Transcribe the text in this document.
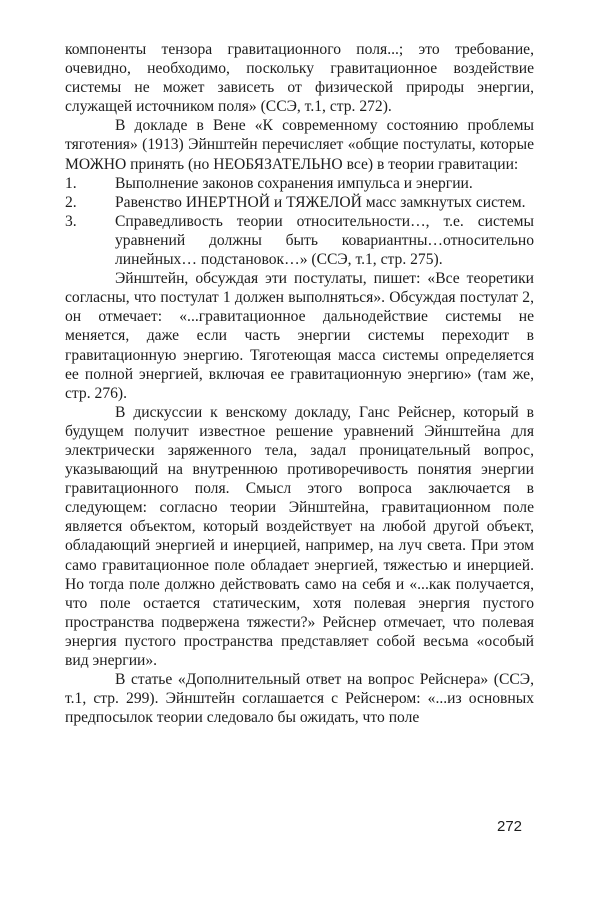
компоненты тензора гравитационного поля...; это требование, очевидно, необходимо, поскольку гравитационное воздействие системы не может зависеть от физической природы энергии, служащей источником поля» (ССЭ, т.1, стр. 272).

В докладе в Вене «К современному состоянию проблемы тяготения» (1913) Эйнштейн перечисляет «общие постулаты, которые МОЖНО принять (но НЕОБЯЗАТЕЛЬНО все) в теории гравитации:

1.	Выполнение законов сохранения импульса и энергии.
2.	Равенство ИНЕРТНОЙ и ТЯЖЕЛОЙ масс замкнутых систем.
3.	Справедливость теории относительности…, т.е. системы уравнений должны быть ковариантны…относительно линейных… подстановок…» (ССЭ, т.1, стр. 275).

Эйнштейн, обсуждая эти постулаты, пишет: «Все теоретики согласны, что постулат 1 должен выполняться». Обсуждая постулат 2, он отмечает: «...гравитационное дальнодействие системы не меняется, даже если часть энергии системы переходит в гравитационную энергию. Тяготеющая масса системы определяется ее полной энергией, включая ее гравитационную энергию» (там же, стр. 276).

В дискуссии к венскому докладу, Ганс Рейснер, который в будущем получит известное решение уравнений Эйнштейна для электрически заряженного тела, задал проницательный вопрос, указывающий на внутреннюю противоречивость понятия энергии гравитационного поля. Смысл этого вопроса заключается в следующем: согласно теории Эйнштейна, гравитационном поле является объектом, который воздействует на любой другой объект, обладающий энергией и инерцией, например, на луч света. При этом само гравитационное поле обладает энергией, тяжестью и инерцией. Но тогда поле должно действовать само на себя и «...как получается, что поле остается статическим, хотя полевая энергия пустого пространства подвержена тяжести?» Рейснер отмечает, что полевая энергия пустого пространства представляет собой весьма «особый вид энергии».

В статье «Дополнительный ответ на вопрос Рейснера» (ССЭ, т.1, стр. 299). Эйнштейн соглашается с Рейснером: «...из основных предпосылок теории следовало бы ожидать, что поле

272
